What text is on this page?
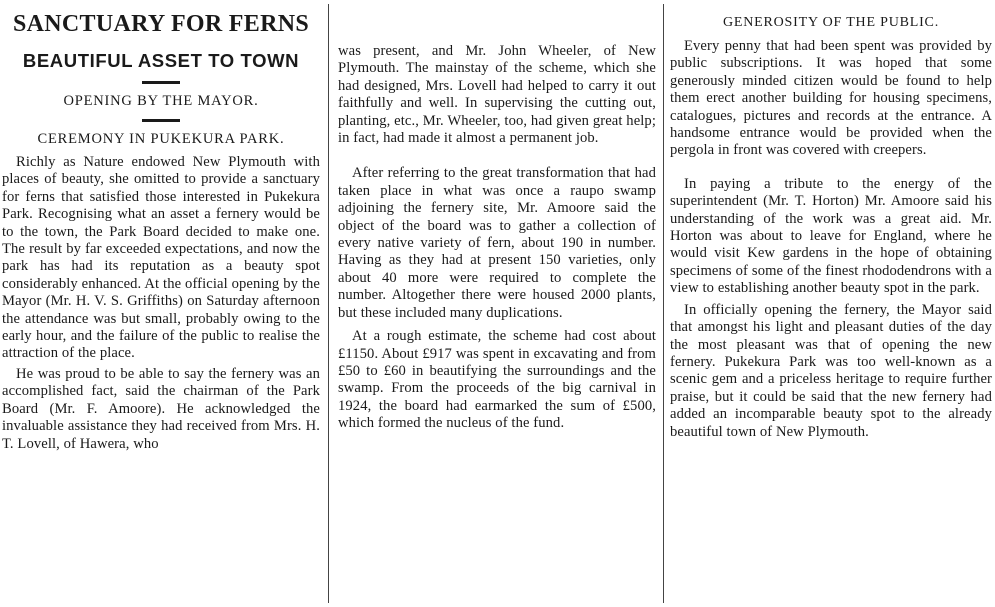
SANCTUARY FOR FERNS
BEAUTIFUL ASSET TO TOWN
OPENING BY THE MAYOR.
CEREMONY IN PUKEKURA PARK.

Richly as Nature endowed New Plymouth with places of beauty, she omitted to provide a sanctuary for ferns that satisfied those interested in Pukekura Park. Recognising what an asset a fernery would be to the town, the Park Board decided to make one. The result by far exceeded expectations, and now the park has had its reputation as a beauty spot considerably enhanced. At the official opening by the Mayor (Mr. H. V. S. Griffiths) on Saturday afternoon the attendance was but small, probably owing to the early hour, and the failure of the public to realise the attraction of the place.

He was proud to be able to say the fernery was an accomplished fact, said the chairman of the Park Board (Mr. F. Amoore). He acknowledged the invaluable assistance they had received from Mrs. H. T. Lovell, of Hawera, who

was present, and Mr. John Wheeler, of New Plymouth. The mainstay of the scheme, which she had designed, Mrs. Lovell had helped to carry it out faithfully and well. In supervising the cutting out, planting, etc., Mr. Wheeler, too, had given great help; in fact, had made it almost a permanent job.

After referring to the great transformation that had taken place in what was once a raupo swamp adjoining the fernery site, Mr. Amoore said the object of the board was to gather a collection of every native variety of fern, about 190 in number. Having as they had at present 150 varieties, only about 40 more were required to complete the number. Altogether there were housed 2000 plants, but these included many duplications.

At a rough estimate, the scheme had cost about £1150. About £917 was spent in excavating and from £50 to £60 in beautifying the surroundings and the swamp. From the proceeds of the big carnival in 1924, the board had earmarked the sum of £500, which formed the nucleus of the fund.

GENEROSITY OF THE PUBLIC.

Every penny that had been spent was provided by public subscriptions. It was hoped that some generously minded citizen would be found to help them erect another building for housing specimens, catalogues, pictures and records at the entrance. A handsome entrance would be provided when the pergola in front was covered with creepers.

In paying a tribute to the energy of the superintendent (Mr. T. Horton) Mr. Amoore said his understanding of the work was a great aid. Mr. Horton was about to leave for England, where he would visit Kew gardens in the hope of obtaining specimens of some of the finest rhododendrons with a view to establishing another beauty spot in the park.

In officially opening the fernery, the Mayor said that amongst his light and pleasant duties of the day the most pleasant was that of opening the new fernery. Pukekura Park was too well-known as a scenic gem and a priceless heritage to require further praise, but it could be said that the new fernery had added an incomparable beauty spot to the already beautiful town of New Plymouth.
